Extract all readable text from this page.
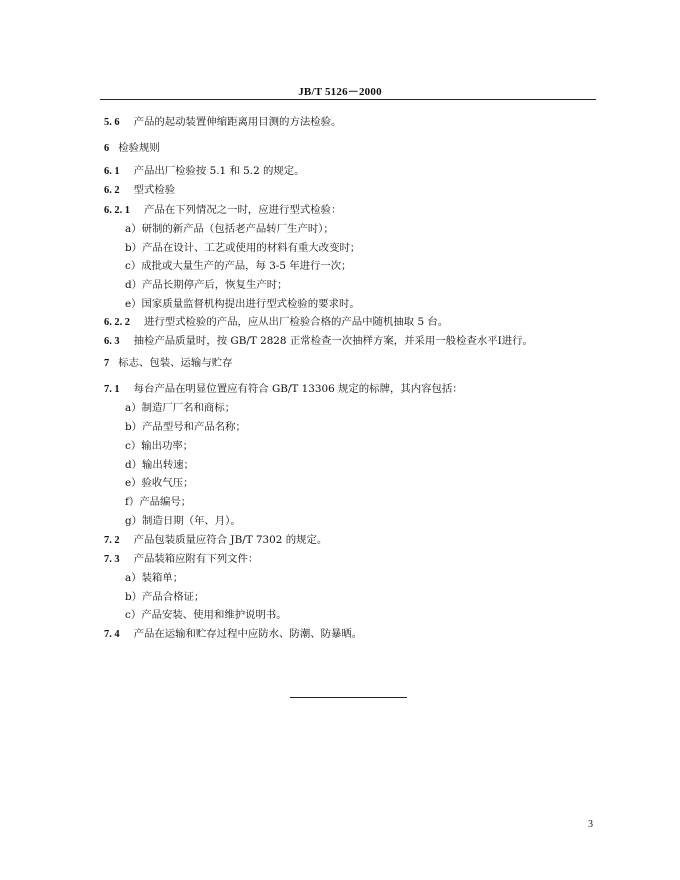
JB/T 5126－2000
5. 6 产品的起动装置伸缩距离用目测的方法检验。
6 检验规则
6. 1 产品出厂检验按 5.1 和 5.2 的规定。
6. 2 型式检验
6. 2. 1 产品在下列情况之一时，应进行型式检验：
a）研制的新产品（包括老产品转厂生产时）；
b）产品在设计、工艺或使用的材料有重大改变时；
c）成批或大量生产的产品，每 3-5 年进行一次；
d）产品长期停产后，恢复生产时；
e）国家质量监督机构提出进行型式检验的要求时。
6. 2. 2 进行型式检验的产品，应从出厂检验合格的产品中随机抽取 5 台。
6. 3 抽检产品质量时，按 GB/T 2828 正常检查一次抽样方案，并采用一般检查水平Ⅰ进行。
7 标志、包装、运输与贮存
7. 1 每台产品在明显位置应有符合 GB/T 13306 规定的标牌，其内容包括：
a）制造厂厂名和商标；
b）产品型号和产品名称；
c）输出功率；
d）输出转速；
e）验收气压；
f）产品编号；
g）制造日期（年、月）。
7. 2 产品包装质量应符合 JB/T 7302 的规定。
7. 3 产品装箱应附有下列文件：
a）装箱单；
b）产品合格证；
c）产品安装、使用和维护说明书。
7. 4 产品在运输和贮存过程中应防水、防潮、防暴晒。
3
